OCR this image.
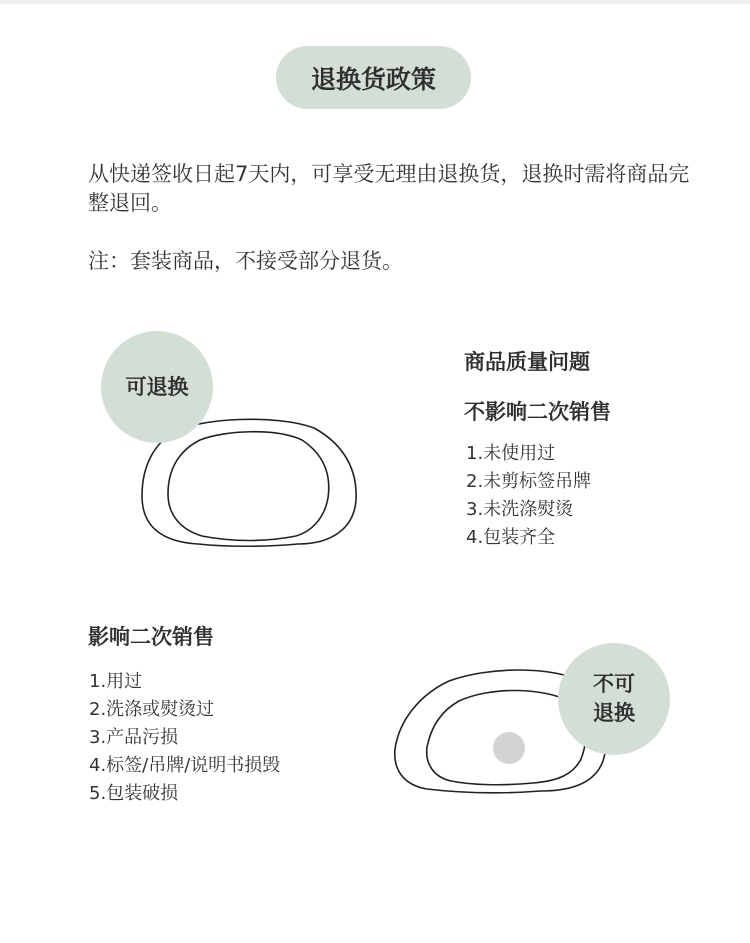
退换货政策
从快递签收日起7天内，可享受无理由退换货，退换时需将商品完整退回。
注：套装商品，不接受部分退货。
可退换
商品质量问题
不影响二次销售
1.未使用过
2.未剪标签吊牌
3.未洗涤熨烫
4.包装齐全
影响二次销售
1.用过
2.洗涤或熨烫过
3.产品污损
4.标签/吊牌/说明书损毁
5.包装破损
不可
退换
